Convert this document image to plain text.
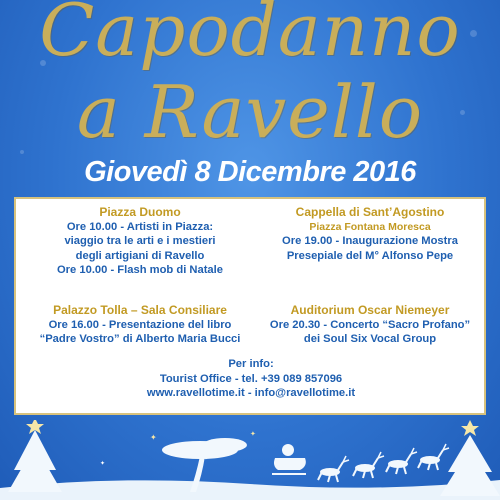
Capodanno
a Ravello
Giovedì 8 Dicembre 2016
Piazza Duomo
Ore 10.00 - Artisti in Piazza:
viaggio tra le arti e i mestieri
degli artigiani di Ravello
Ore 10.00 - Flash mob di Natale
Cappella di Sant’Agostino
Piazza Fontana Moresca
Ore 19.00 - Inaugurazione Mostra
Presepiale del M° Alfonso Pepe
Palazzo Tolla – Sala Consiliare
Ore 16.00 - Presentazione del libro
“Padre Vostro” di Alberto Maria Bucci
Auditorium Oscar Niemeyer
Ore 20.30 - Concerto “Sacro Profano”
dei Soul Six Vocal Group
Per info:
Tourist Office - tel. +39 089 857096
www.ravellotime.it - info@ravellotime.it
✦	✦
✦
